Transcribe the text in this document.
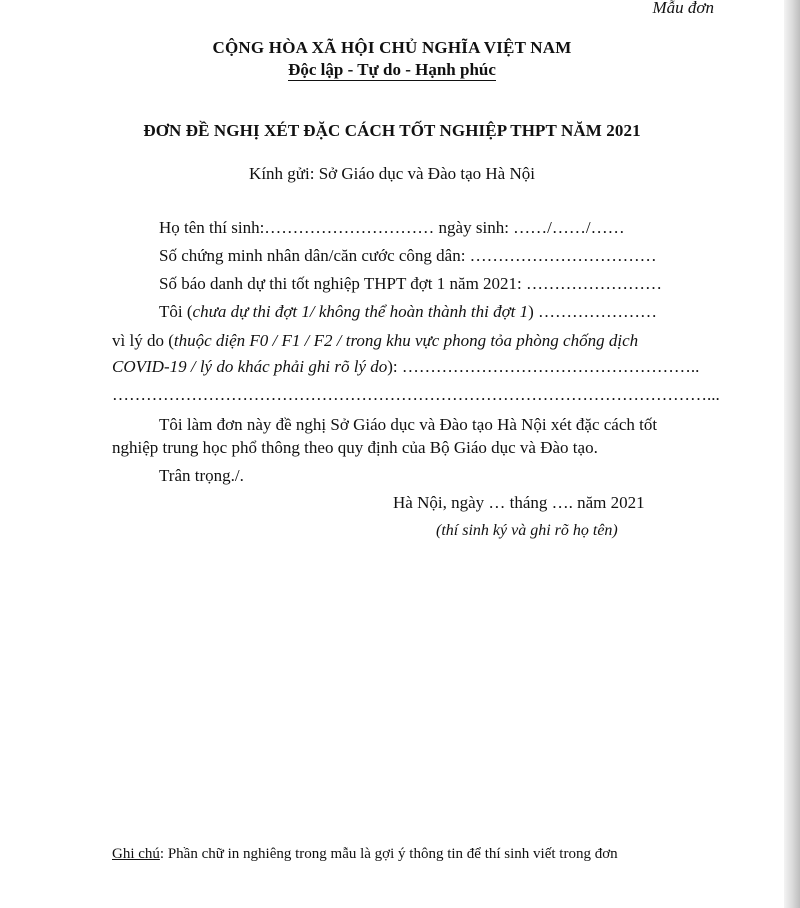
Mẫu đơn
CỘNG HÒA XÃ HỘI CHỦ NGHĨA VIỆT NAM
Độc lập - Tự do - Hạnh phúc
ĐƠN ĐỀ NGHỊ XÉT ĐẶC CÁCH TỐT NGHIỆP THPT NĂM 2021
Kính gửi: Sở Giáo dục và Đào tạo Hà Nội
Họ tên thí sinh:………………………… ngày sinh: ……/……/……
Số chứng minh nhân dân/căn cước công dân: ……………………………
Số báo danh dự thi tốt nghiệp THPT đợt 1 năm 2021: ……………………
Tôi (chưa dự thi đợt 1/ không thể hoàn thành thi đợt 1) …………………
vì lý do (thuộc diện F0 / F1 / F2 / trong khu vực phong tỏa phòng chống dịch
COVID-19 / lý do khác phải ghi rõ lý do): ……………………………………………..
……………………………………………………………………………………………...
Tôi làm đơn này đề nghị Sở Giáo dục và Đào tạo Hà Nội xét đặc cách tốt
nghiệp trung học phổ thông theo quy định của Bộ Giáo dục và Đào tạo.
Trân trọng./.
Hà Nội, ngày … tháng …. năm 2021
(thí sinh ký và ghi rõ họ tên)
Ghi chú: Phần chữ in nghiêng trong mẫu là gợi ý thông tin để thí sinh viết trong đơn
